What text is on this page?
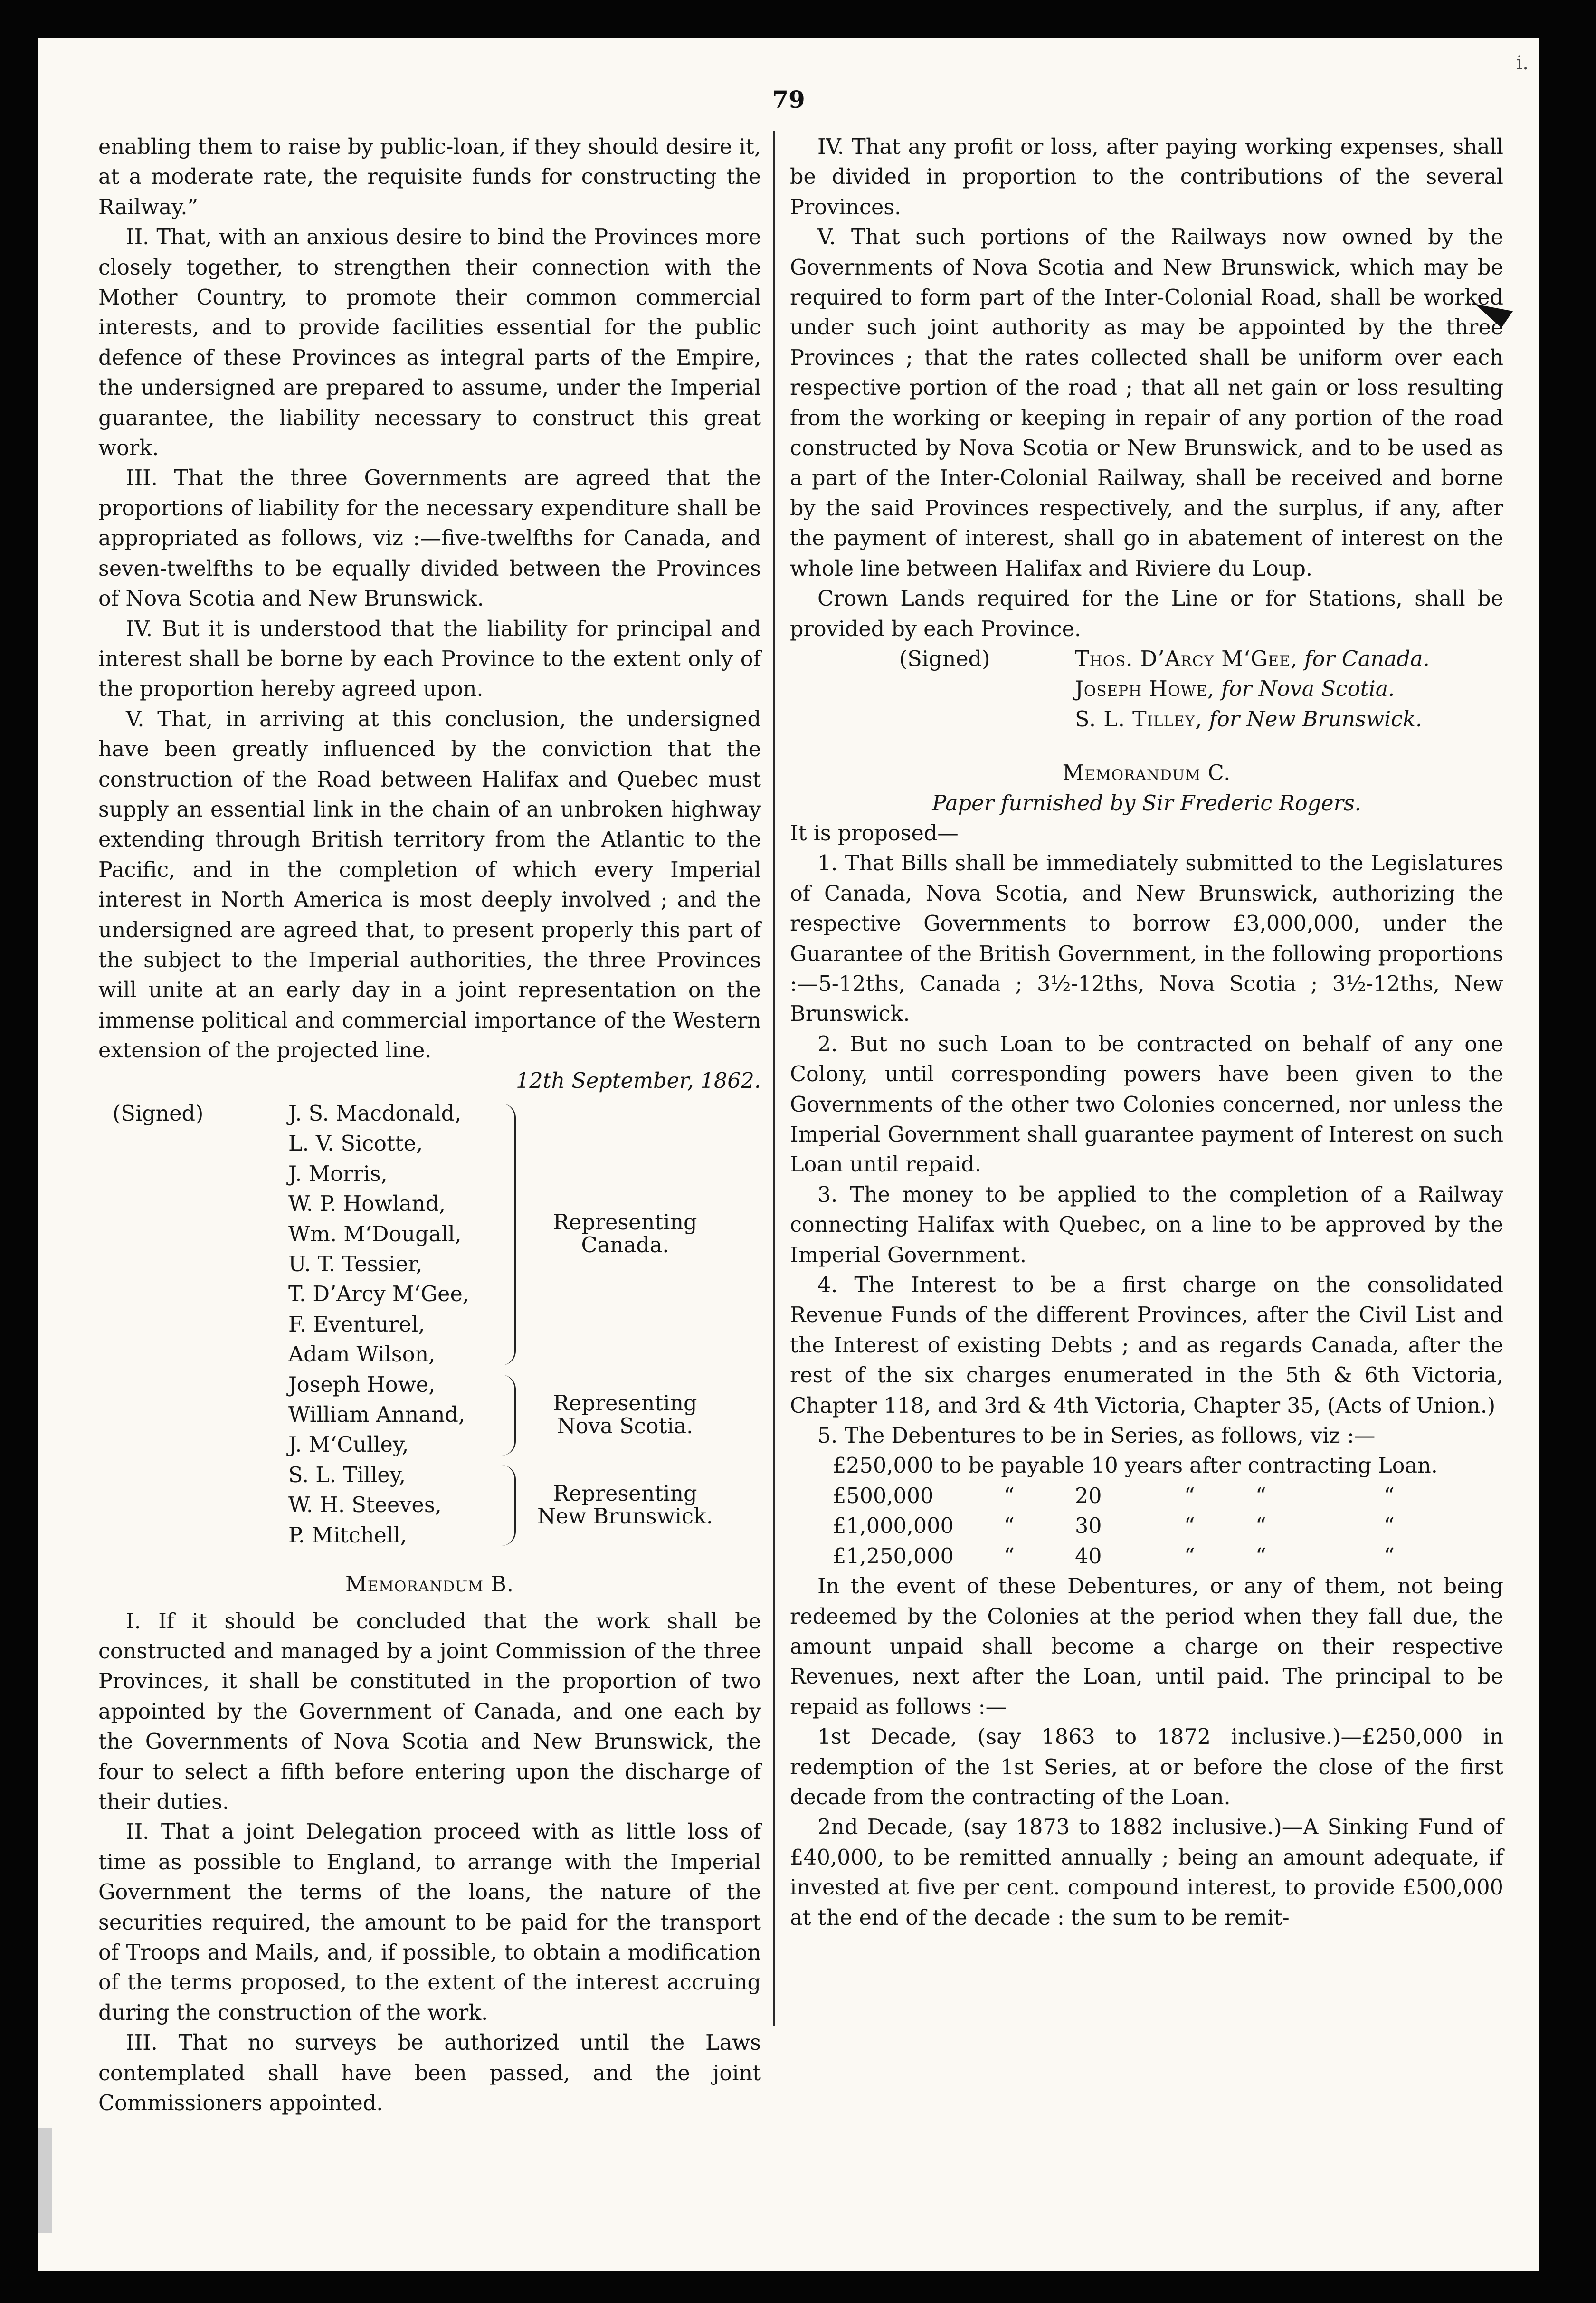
79
i.

enabling them to raise by public-loan, if they should desire it, at a moderate rate, the requisite funds for constructing the Railway.”

II. That, with an anxious desire to bind the Provinces more closely together, to strengthen their connection with the Mother Country, to promote their common commercial interests, and to provide facilities essential for the public defence of these Provinces as integral parts of the Empire, the undersigned are prepared to assume, under the Imperial guarantee, the liability necessary to construct this great work.

III. That the three Governments are agreed that the proportions of liability for the necessary expenditure shall be appropriated as follows, viz :—five-twelfths for Canada, and seven-twelfths to be equally divided between the Provinces of Nova Scotia and New Brunswick.

IV. But it is understood that the liability for principal and interest shall be borne by each Province to the extent only of the proportion hereby agreed upon.

V. That, in arriving at this conclusion, the undersigned have been greatly influenced by the conviction that the construction of the Road between Halifax and Quebec must supply an essential link in the chain of an unbroken highway extending through British territory from the Atlantic to the Pacific, and in the completion of which every Imperial interest in North America is most deeply involved ; and the undersigned are agreed that, to present properly this part of the subject to the Imperial authorities, the three Provinces will unite at an early day in a joint representation on the immense political and commercial importance of the Western extension of the projected line.

12th September, 1862.

(Signed)	J. S. Macdonald,
L. V. Sicotte,
J. Morris,
W. P. Howland,
Wm. M‘Dougall,
U. T. Tessier,
T. D’Arcy M‘Gee,
F. Eventurel,
Adam Wilson,
Representing Canada.
Joseph Howe,
William Annand,
J. M‘Culley,
Representing Nova Scotia.
S. L. Tilley,
W. H. Steeves,
P. Mitchell,
Representing New Brunswick.

Memorandum B.

I. If it should be concluded that the work shall be constructed and managed by a joint Commission of the three Provinces, it shall be constituted in the proportion of two appointed by the Government of Canada, and one each by the Governments of Nova Scotia and New Brunswick, the four to select a fifth before entering upon the discharge of their duties.

II. That a joint Delegation proceed with as little loss of time as possible to England, to arrange with the Imperial Government the terms of the loans, the nature of the securities required, the amount to be paid for the transport of Troops and Mails, and, if possible, to obtain a modification of the terms proposed, to the extent of the interest accruing during the construction of the work.

III. That no surveys be authorized until the Laws contemplated shall have been passed, and the joint Commissioners appointed.

IV. That any profit or loss, after paying working expenses, shall be divided in proportion to the contributions of the several Provinces.

V. That such portions of the Railways now owned by the Governments of Nova Scotia and New Brunswick, which may be required to form part of the Inter-Colonial Road, shall be worked under such joint authority as may be appointed by the three Provinces ; that the rates collected shall be uniform over each respective portion of the road ; that all net gain or loss resulting from the working or keeping in repair of any portion of the road constructed by Nova Scotia or New Brunswick, and to be used as a part of the Inter-Colonial Railway, shall be received and borne by the said Provinces respectively, and the surplus, if any, after the payment of interest, shall go in abatement of interest on the whole line between Halifax and Riviere du Loup.

Crown Lands required for the Line or for Stations, shall be provided by each Province.

(Signed)	Thos. D’Arcy M‘Gee, for Canada.
Joseph Howe, for Nova Scotia.
S. L. Tilley, for New Brunswick.

Memorandum C.

Paper furnished by Sir Frederic Rogers.

It is proposed—

1. That Bills shall be immediately submitted to the Legislatures of Canada, Nova Scotia, and New Brunswick, authorizing the respective Governments to borrow £3,000,000, under the Guarantee of the British Government, in the following proportions :—5-12ths, Canada ; 3½-12ths, Nova Scotia ; 3½-12ths, New Brunswick.

2. But no such Loan to be contracted on behalf of any one Colony, until corresponding powers have been given to the Governments of the other two Colonies concerned, nor unless the Imperial Government shall guarantee payment of Interest on such Loan until repaid.

3. The money to be applied to the completion of a Railway connecting Halifax with Quebec, on a line to be approved by the Imperial Government.

4. The Interest to be a first charge on the consolidated Revenue Funds of the different Provinces, after the Civil List and the Interest of existing Debts ; and as regards Canada, after the rest of the six charges enumerated in the 5th & 6th Victoria, Chapter 118, and 3rd & 4th Victoria, Chapter 35, (Acts of Union.)

5. The Debentures to be in Series, as follows, viz :—

£250,000 to be payable 10 years after contracting Loan.

£500,000	“	20	“	“	“
£1,000,000	“	30	“	“	“
£1,250,000	“	40	“	“	“

In the event of these Debentures, or any of them, not being redeemed by the Colonies at the period when they fall due, the amount unpaid shall become a charge on their respective Revenues, next after the Loan, until paid. The principal to be repaid as follows :—

1st Decade, (say 1863 to 1872 inclusive.)—£250,000 in redemption of the 1st Series, at or before the close of the first decade from the contracting of the Loan.

2nd Decade, (say 1873 to 1882 inclusive.)—A Sinking Fund of £40,000, to be remitted annually ; being an amount adequate, if invested at five per cent. compound interest, to provide £500,000 at the end of the decade : the sum to be remit-
